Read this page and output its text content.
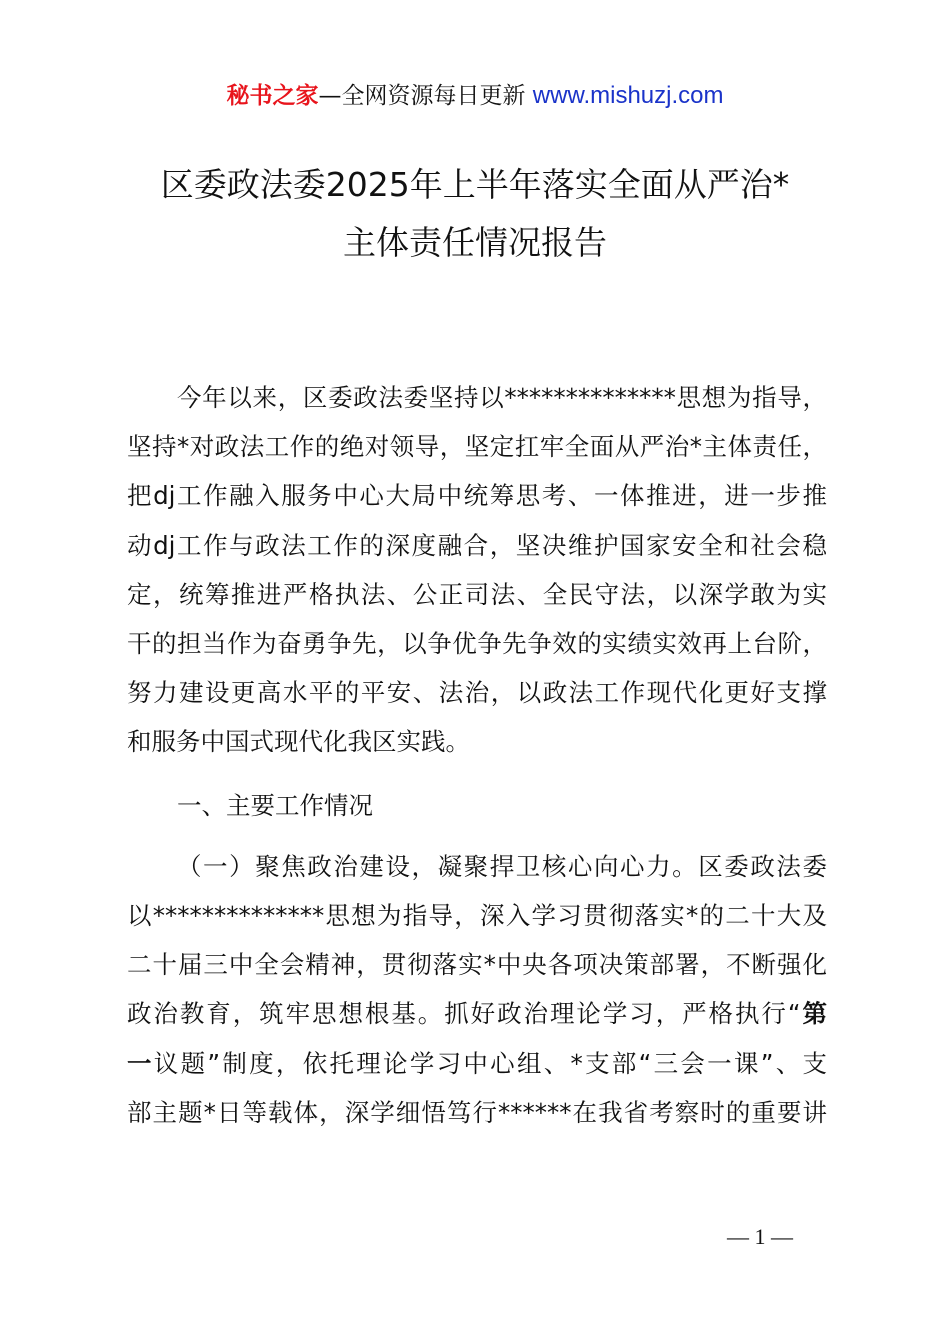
秘书之家—全网资源每日更新 www.mishuzj.com
区委政法委2025年上半年落实全面从严治*
主体责任情况报告
今年以来，区委政法委坚持以**************思想为指导，
坚持*对政法工作的绝对领导，坚定扛牢全面从严治*主体责任，
把dj工作融入服务中心大局中统筹思考、一体推进，进一步推
动dj工作与政法工作的深度融合，坚决维护国家安全和社会稳
定，统筹推进严格执法、公正司法、全民守法，以深学敢为实
干的担当作为奋勇争先，以争优争先争效的实绩实效再上台阶，
努力建设更高水平的平安、法治，以政法工作现代化更好支撑
和服务中国式现代化我区实践。
一、主要工作情况
（一）聚焦政治建设，凝聚捍卫核心向心力。区委政法委
以**************思想为指导，深入学习贯彻落实*的二十大及
二十届三中全会精神，贯彻落实*中央各项决策部署，不断强化
政治教育，筑牢思想根基。抓好政治理论学习，严格执行“第
一议题”制度，依托理论学习中心组、*支部“三会一课”、支
部主题*日等载体，深学细悟笃行******在我省考察时的重要讲
— 1 —
